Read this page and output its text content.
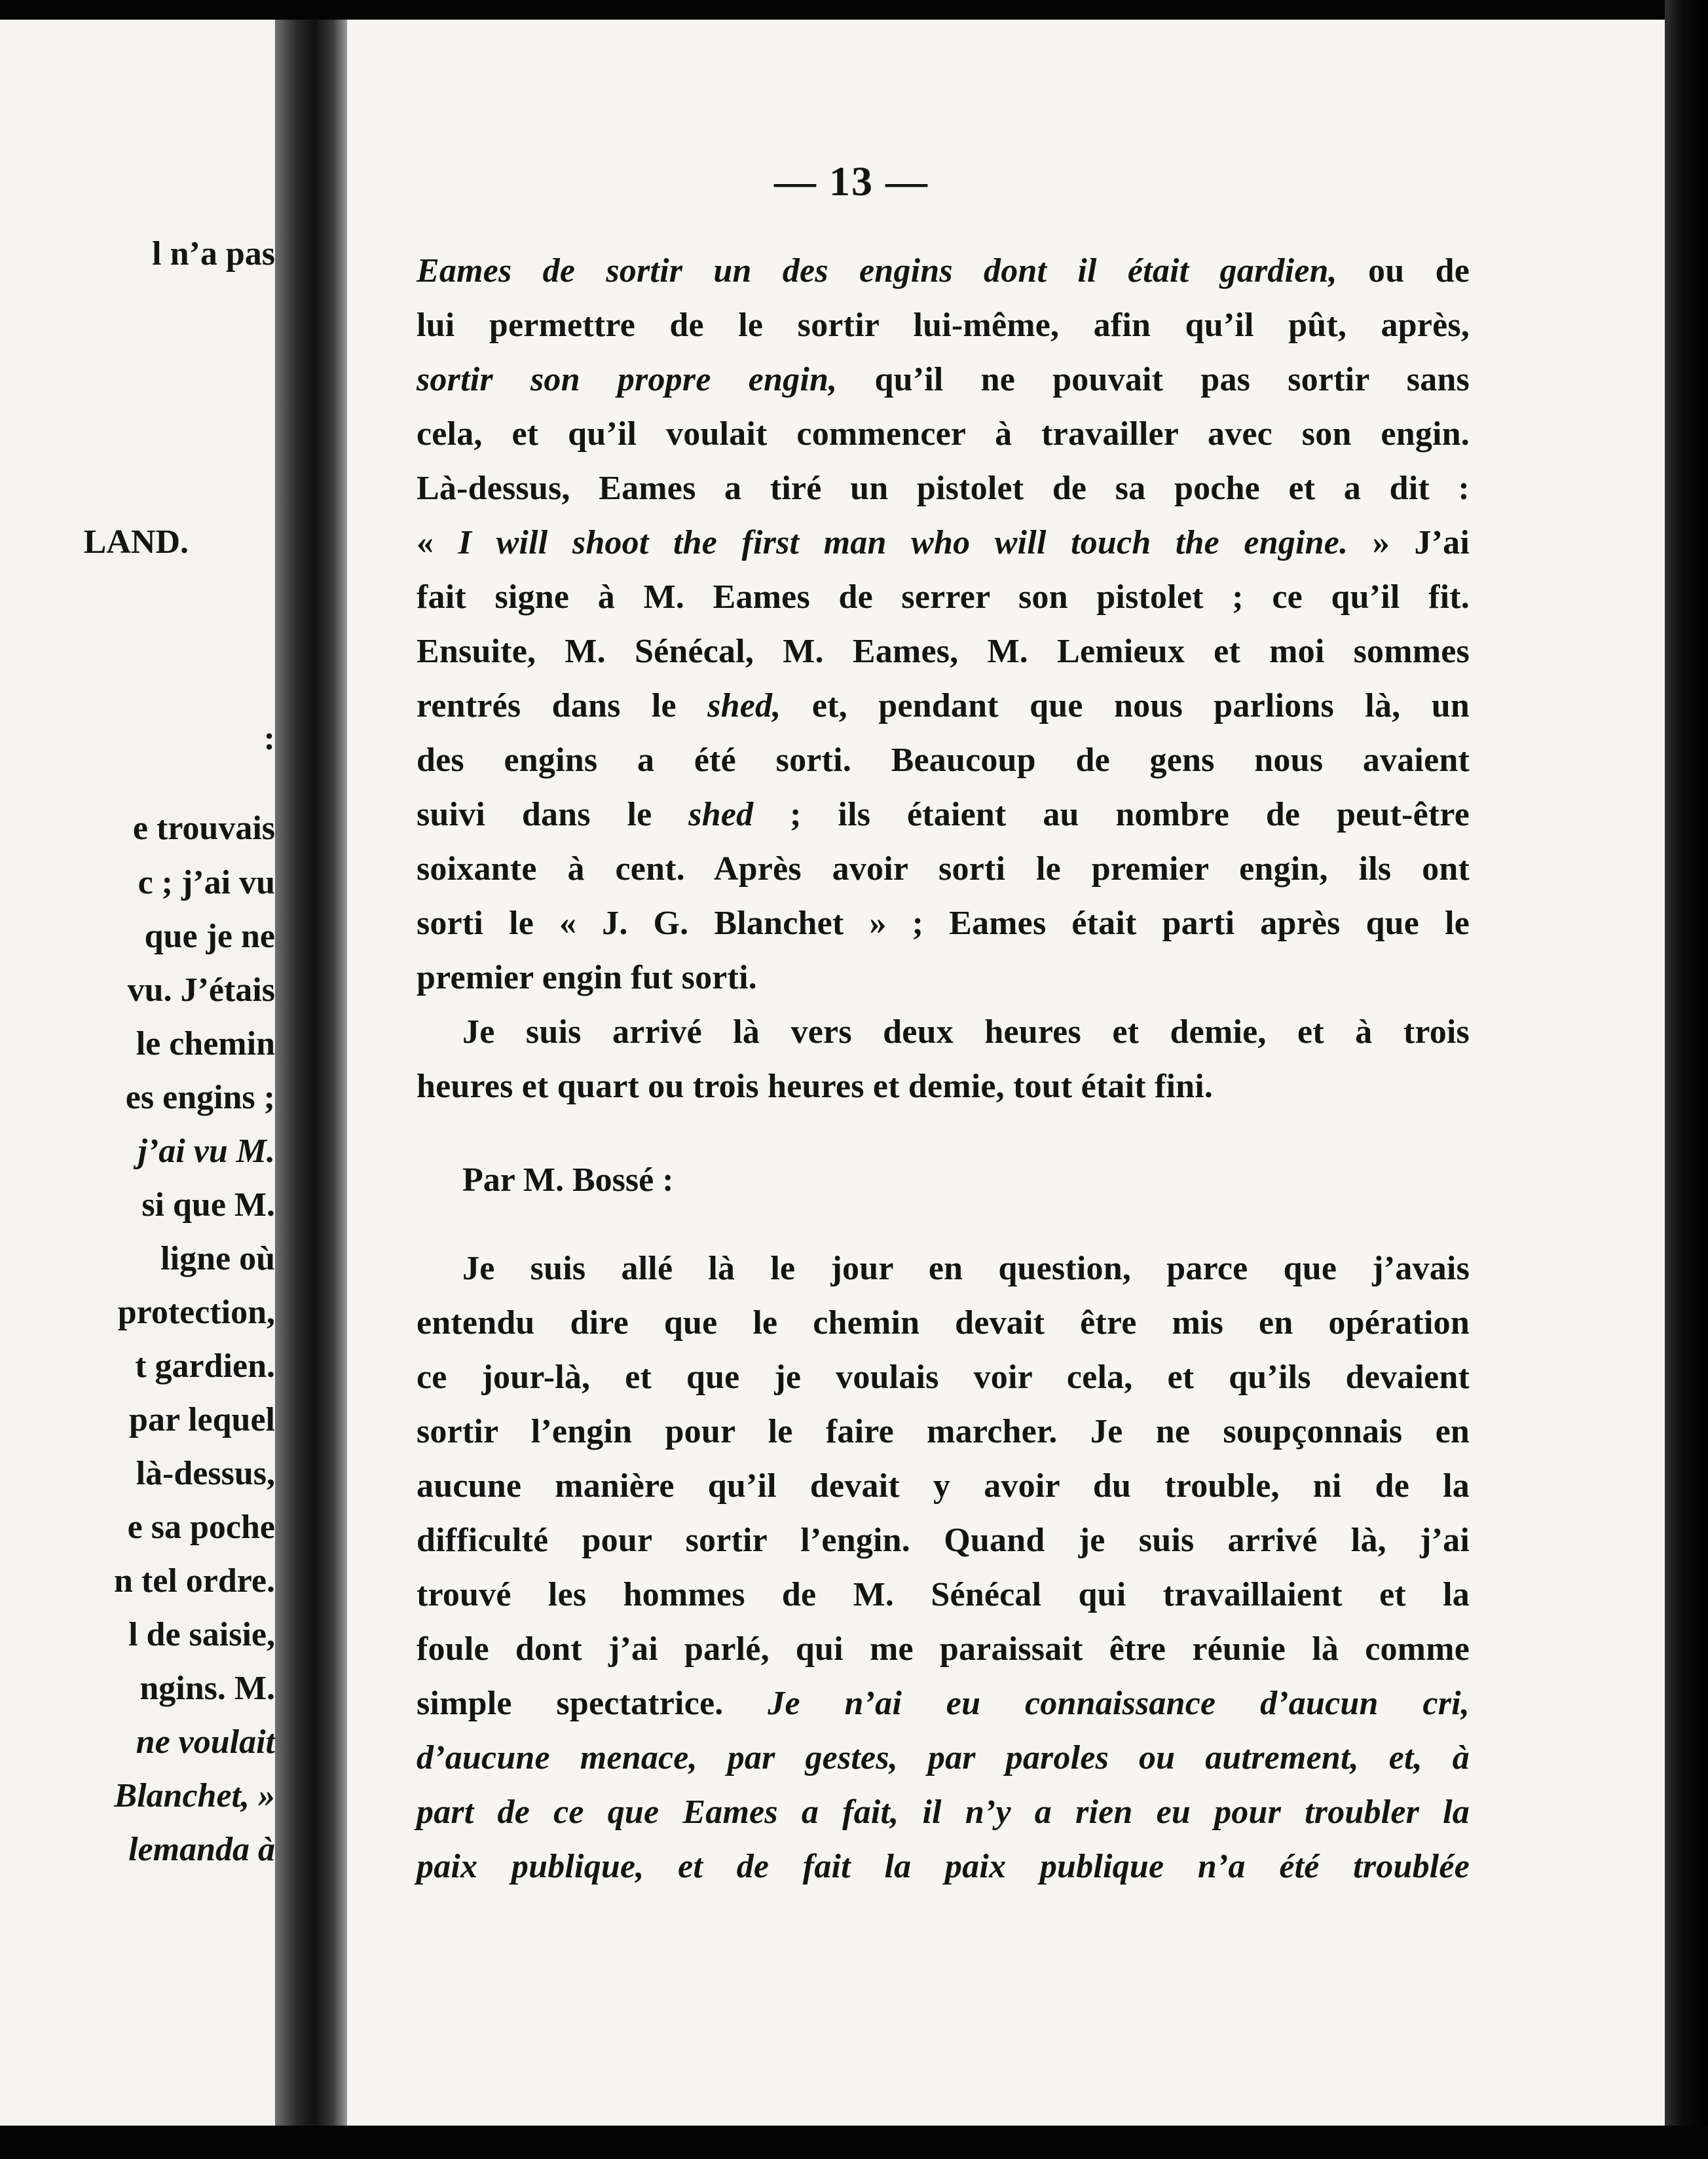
l n’a pas
LAND.
:
e trouvais
c ; j’ai vu
que je ne
vu. J’étais
le chemin
es engins ;
j’ai vu M.
si que M.
ligne où
protection,
t gardien.
par lequel
là-dessus,
e sa poche
n tel ordre.
l de saisie,
ngins. M.
ne voulait
Blanchet, »
lemanda à
— 13 —
Eames de sortir un des engins dont il était gardien, ou de
lui permettre de le sortir lui-même, afin qu’il pût, après,
sortir son propre engin, qu’il ne pouvait pas sortir sans
cela, et qu’il voulait commencer à travailler avec son engin.
Là-dessus, Eames a tiré un pistolet de sa poche et a dit :
« I will shoot the first man who will touch the engine. » J’ai
fait signe à M. Eames de serrer son pistolet ; ce qu’il fit.
Ensuite, M. Sénécal, M. Eames, M. Lemieux et moi sommes
rentrés dans le shed, et, pendant que nous parlions là, un
des engins a été sorti. Beaucoup de gens nous avaient
suivi dans le shed ; ils étaient au nombre de peut-être
soixante à cent. Après avoir sorti le premier engin, ils ont
sorti le « J. G. Blanchet » ; Eames était parti après que le
premier engin fut sorti.
Je suis arrivé là vers deux heures et demie, et à trois
heures et quart ou trois heures et demie, tout était fini.
Par M. Bossé :
Je suis allé là le jour en question, parce que j’avais
entendu dire que le chemin devait être mis en opération
ce jour-là, et que je voulais voir cela, et qu’ils devaient
sortir l’engin pour le faire marcher. Je ne soupçonnais en
aucune manière qu’il devait y avoir du trouble, ni de la
difficulté pour sortir l’engin. Quand je suis arrivé là, j’ai
trouvé les hommes de M. Sénécal qui travaillaient et la
foule dont j’ai parlé, qui me paraissait être réunie là comme
simple spectatrice. Je n’ai eu connaissance d’aucun cri,
d’aucune menace, par gestes, par paroles ou autrement, et, à
part de ce que Eames a fait, il n’y a rien eu pour troubler la
paix publique, et de fait la paix publique n’a été troublée
